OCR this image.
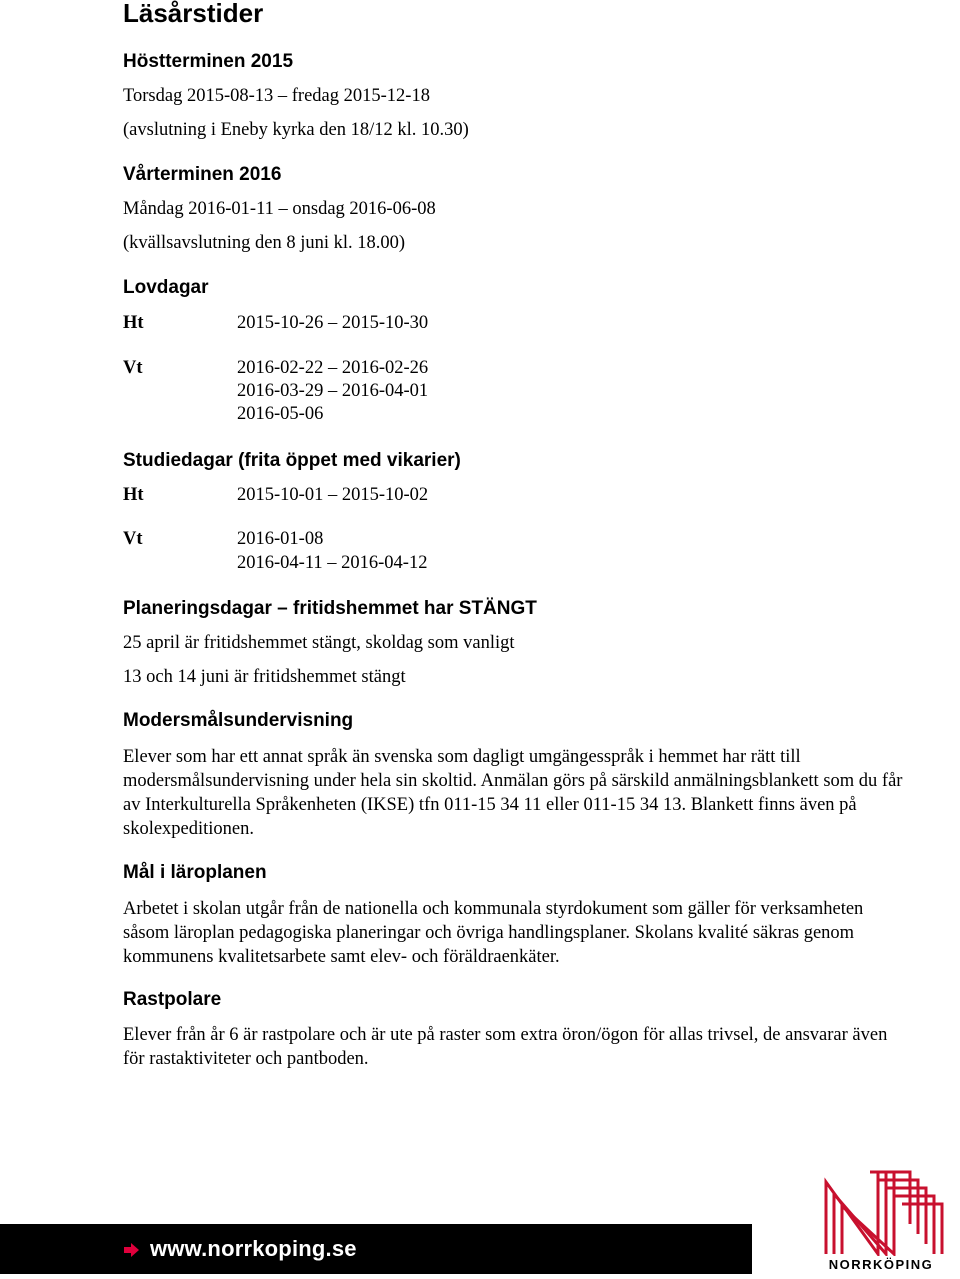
Läsårstider
Höstterminen 2015
Torsdag 2015-08-13 – fredag 2015-12-18
(avslutning i Eneby kyrka den 18/12 kl. 10.30)
Vårterminen 2016
Måndag 2016-01-11 – onsdag 2016-06-08
(kvällsavslutning den 8 juni kl. 18.00)
Lovdagar
Ht	2015-10-26 – 2015-10-30
Vt	2016-02-22 – 2016-02-26
2016-03-29 – 2016-04-01
2016-05-06
Studiedagar (frita öppet med vikarier)
Ht	2015-10-01 – 2015-10-02
Vt	2016-01-08
2016-04-11 – 2016-04-12
Planeringsdagar – fritidshemmet har STÄNGT
25 april är fritidshemmet stängt, skoldag som vanligt
13 och 14 juni är fritidshemmet stängt
Modersmålsundervisning
Elever som har ett annat språk än svenska som dagligt umgängesspråk i hemmet har rätt till modersmålsundervisning under hela sin skoltid. Anmälan görs på särskild anmälningsblankett som du får av Interkulturella Språkenheten (IKSE) tfn 011-15 34 11 eller 011-15 34 13. Blankett finns även på skolexpeditionen.
Mål i läroplanen
Arbetet i skolan utgår från de nationella och kommunala styrdokument som gäller för verksamheten såsom läroplan pedagogiska planeringar och övriga handlingsplaner. Skolans kvalité säkras genom kommunens kvalitetsarbete samt elev- och föräldraenkäter.
Rastpolare
Elever från år 6 är rastpolare och är ute på raster som extra öron/ögon för allas trivsel, de ansvarar även för rastaktiviteter och pantboden.
www.norrkoping.se
NORRKÖPING
